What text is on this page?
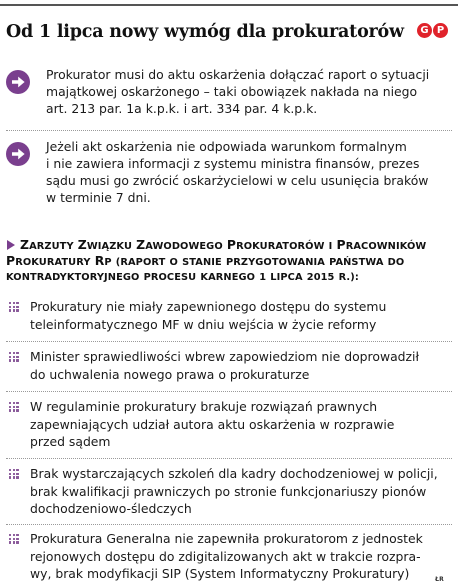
Od 1 lipca nowy wymóg dla prokuratorów	G P
Prokurator musi do aktu oskarżenia dołączać raport o sytuacji
majątkowej oskarżonego – taki obowiązek nakłada na niego
art. 213 par. 1a k.p.k. i art. 334 par. 4 k.p.k.
Jeżeli akt oskarżenia nie odpowiada warunkom formalnym
i nie zawiera informacji z systemu ministra finansów, prezes
sądu musi go zwrócić oskarżycielowi w celu usunięcia braków
w terminie 7 dni.
ZARZUTY ZWIĄZKU ZAWODOWEGO PROKURATORÓW I PRACOWNIKÓW
PROKURATURY RP (RAPORT O STANIE PRZYGOTOWANIA PAŃSTWA DO
KONTRADYKTORYJNEGO PROCESU KARNEGO 1 LIPCA 2015 R.):
Prokuratury nie miały zapewnionego dostępu do systemu
teleinformatycznego MF w dniu wejścia w życie reformy
Minister sprawiedliwości wbrew zapowiedziom nie doprowadził
do uchwalenia nowego prawa o prokuraturze
W regulaminie prokuratury brakuje rozwiązań prawnych
zapewniających udział autora aktu oskarżenia w rozprawie
przed sądem
Brak wystarczających szkoleń dla kadry dochodzeniowej w policji,
brak kwalifikacji prawniczych po stronie funkcjonariuszy pionów
dochodzeniowo-śledczych
Prokuratura Generalna nie zapewniła prokuratorom z jednostek
rejonowych dostępu do zdigitalizowanych akt w trakcie rozpra-
wy, brak modyfikacji SIP (System Informatyczny Prokuratury)	ŁR
